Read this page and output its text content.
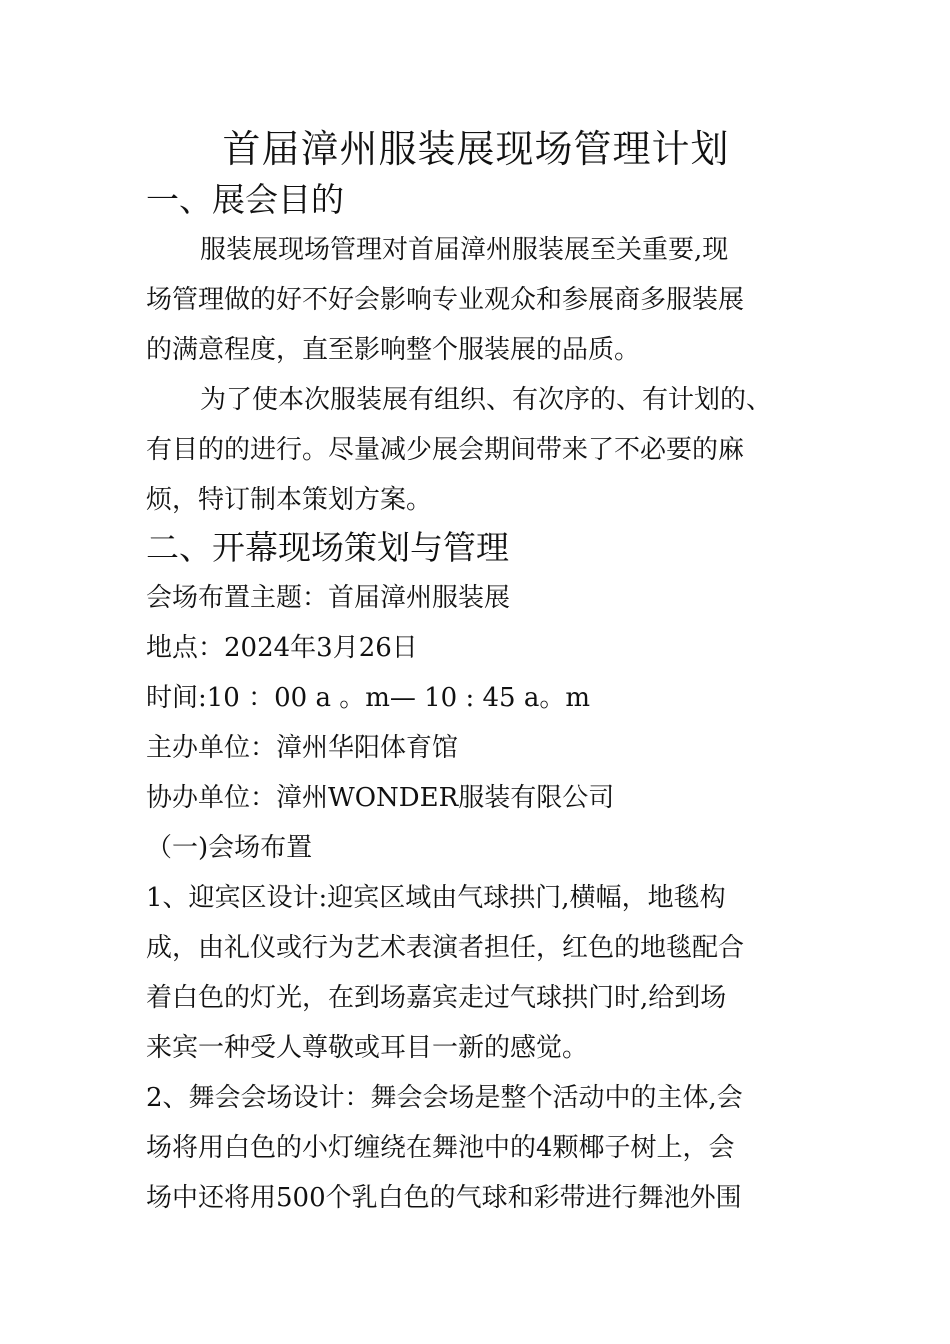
首届漳州服装展现场管理计划
一、展会目的
服装展现场管理对首届漳州服装展至关重要,现
场管理做的好不好会影响专业观众和参展商多服装展
的满意程度，直至影响整个服装展的品质。
为了使本次服装展有组织、有次序的、有计划的、
有目的的进行。尽量减少展会期间带来了不必要的麻
烦，特订制本策划方案。
二、开幕现场策划与管理
会场布置主题：首届漳州服装展
地点：2024年3月26日
时间:10 ：00 a 。m— 10 : 45 a。m
主办单位：漳州华阳体育馆
协办单位：漳州WONDER服装有限公司
（一)会场布置
1、迎宾区设计:迎宾区域由气球拱门,横幅，地毯构
成，由礼仪或行为艺术表演者担任，红色的地毯配合
着白色的灯光，在到场嘉宾走过气球拱门时,给到场
来宾一种受人尊敬或耳目一新的感觉。
2、舞会会场设计：舞会会场是整个活动中的主体,会
场将用白色的小灯缠绕在舞池中的4颗椰子树上，会
场中还将用500个乳白色的气球和彩带进行舞池外围
